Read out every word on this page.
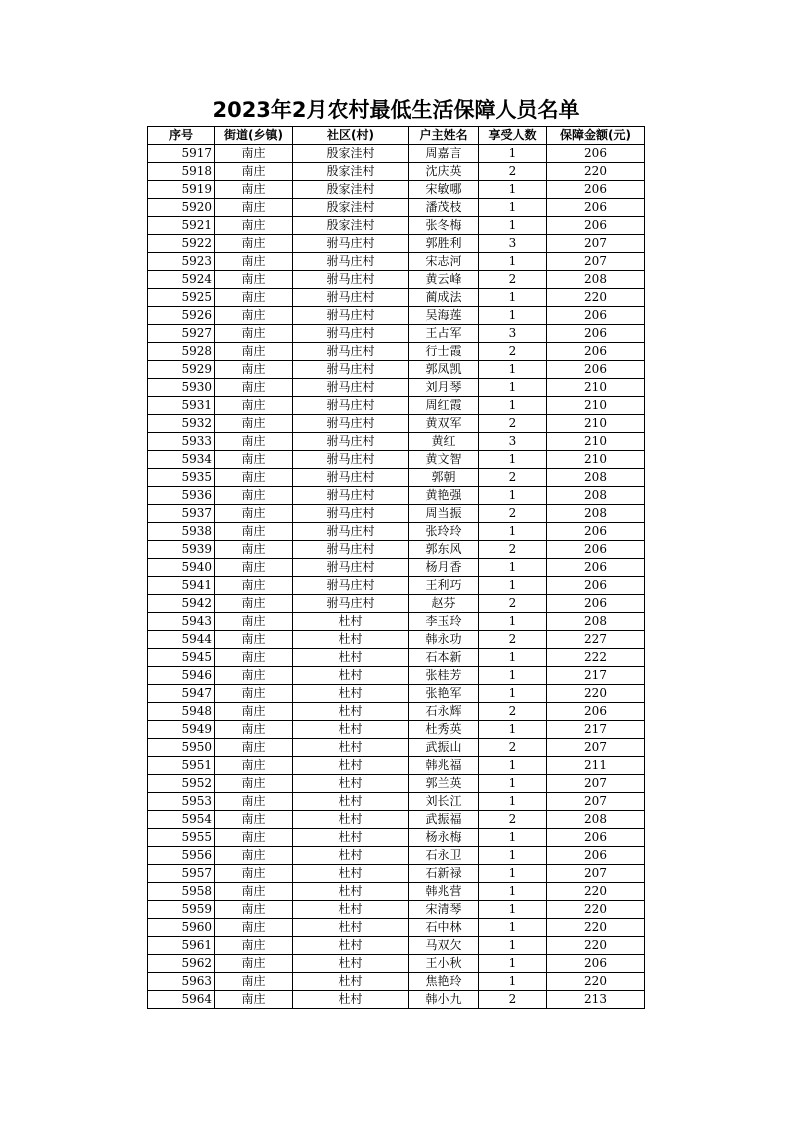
2023年2月农村最低生活保障人员名单
序号	街道(乡镇)	社区(村)	户主姓名	享受人数	保障金额(元)
5917	南庄	殷家洼村	周嘉言	1	206
5918	南庄	殷家洼村	沈庆英	2	220
5919	南庄	殷家洼村	宋敏哪	1	206
5920	南庄	殷家洼村	潘茂枝	1	206
5921	南庄	殷家洼村	张冬梅	1	206
5922	南庄	驸马庄村	郭胜利	3	207
5923	南庄	驸马庄村	宋志河	1	207
5924	南庄	驸马庄村	黄云峰	2	208
5925	南庄	驸马庄村	蔺成法	1	220
5926	南庄	驸马庄村	吴海莲	1	206
5927	南庄	驸马庄村	王占军	3	206
5928	南庄	驸马庄村	行士霞	2	206
5929	南庄	驸马庄村	郭凤凯	1	206
5930	南庄	驸马庄村	刘月琴	1	210
5931	南庄	驸马庄村	周红霞	1	210
5932	南庄	驸马庄村	黄双军	2	210
5933	南庄	驸马庄村	黄红	3	210
5934	南庄	驸马庄村	黄文智	1	210
5935	南庄	驸马庄村	郭朝	2	208
5936	南庄	驸马庄村	黄艳强	1	208
5937	南庄	驸马庄村	周当振	2	208
5938	南庄	驸马庄村	张玲玲	1	206
5939	南庄	驸马庄村	郭东风	2	206
5940	南庄	驸马庄村	杨月香	1	206
5941	南庄	驸马庄村	王利巧	1	206
5942	南庄	驸马庄村	赵芬	2	206
5943	南庄	杜村	李玉玲	1	208
5944	南庄	杜村	韩永功	2	227
5945	南庄	杜村	石本新	1	222
5946	南庄	杜村	张桂芳	1	217
5947	南庄	杜村	张艳军	1	220
5948	南庄	杜村	石永辉	2	206
5949	南庄	杜村	杜秀英	1	217
5950	南庄	杜村	武振山	2	207
5951	南庄	杜村	韩兆福	1	211
5952	南庄	杜村	郭兰英	1	207
5953	南庄	杜村	刘长江	1	207
5954	南庄	杜村	武振福	2	208
5955	南庄	杜村	杨永梅	1	206
5956	南庄	杜村	石永卫	1	206
5957	南庄	杜村	石新禄	1	207
5958	南庄	杜村	韩兆营	1	220
5959	南庄	杜村	宋清琴	1	220
5960	南庄	杜村	石中林	1	220
5961	南庄	杜村	马双欠	1	220
5962	南庄	杜村	王小秋	1	206
5963	南庄	杜村	焦艳玲	1	220
5964	南庄	杜村	韩小九	2	213
